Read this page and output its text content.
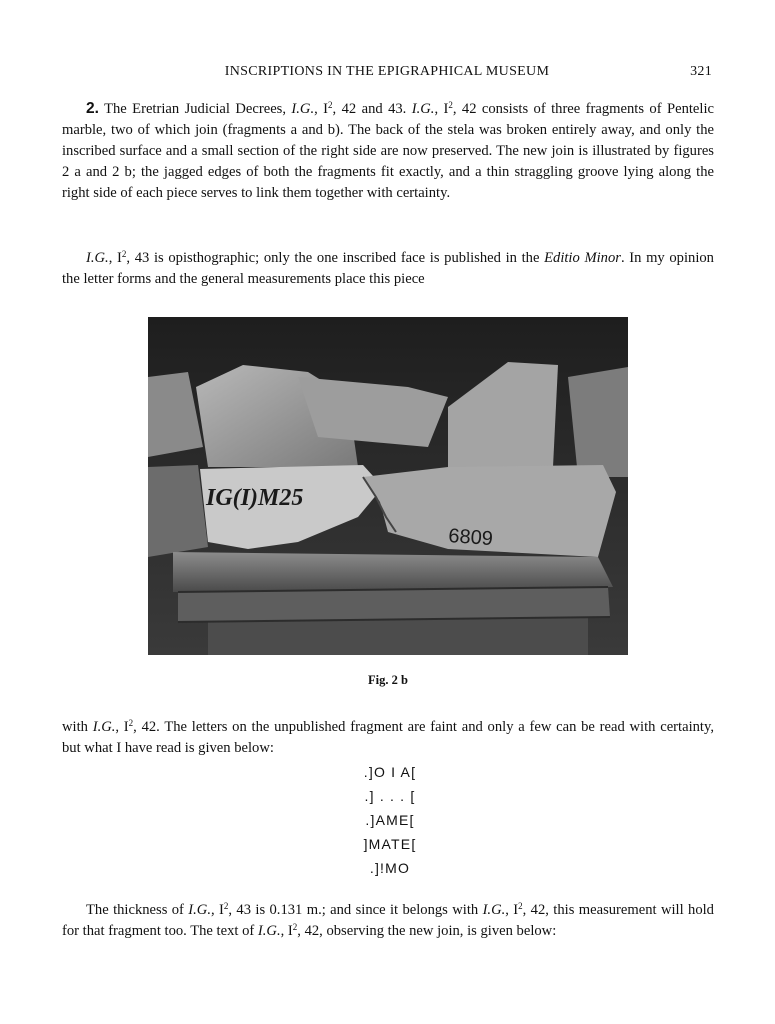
INSCRIPTIONS IN THE EPIGRAPHICAL MUSEUM	321

2. The Eretrian Judicial Decrees, I.G., $I^2$, 42 and 43. I.G., $I^2$, 42 consists of three fragments of Pentelic marble, two of which join (fragments a and b). The back of the stela was broken entirely away, and only the inscribed surface and a small section of the right side are now preserved. The new join is illustrated by figures 2 a and 2 b; the jagged edges of both the fragments fit exactly, and a thin straggling groove lying along the right side of each piece serves to link them together with certainty.

I.G., $I^2$, 43 is opisthographic; only the one inscribed face is published in the Editio Minor. In my opinion the letter forms and the general measurements place this piece

IG(I)M25
6809
Fig. 2 b

with I.G., $I^2$, 42. The letters on the unpublished fragment are faint and only a few can be read with certainty, but what I have read is given below:

.]O I A[
.] . . . [
.]AME[
]MATE[
.]!MO

The thickness of I.G., $I^2$, 43 is 0.131 m.; and since it belongs with I.G., $I^2$, 42, this measurement will hold for that fragment too. The text of I.G., $I^2$, 42, observing the new join, is given below:
